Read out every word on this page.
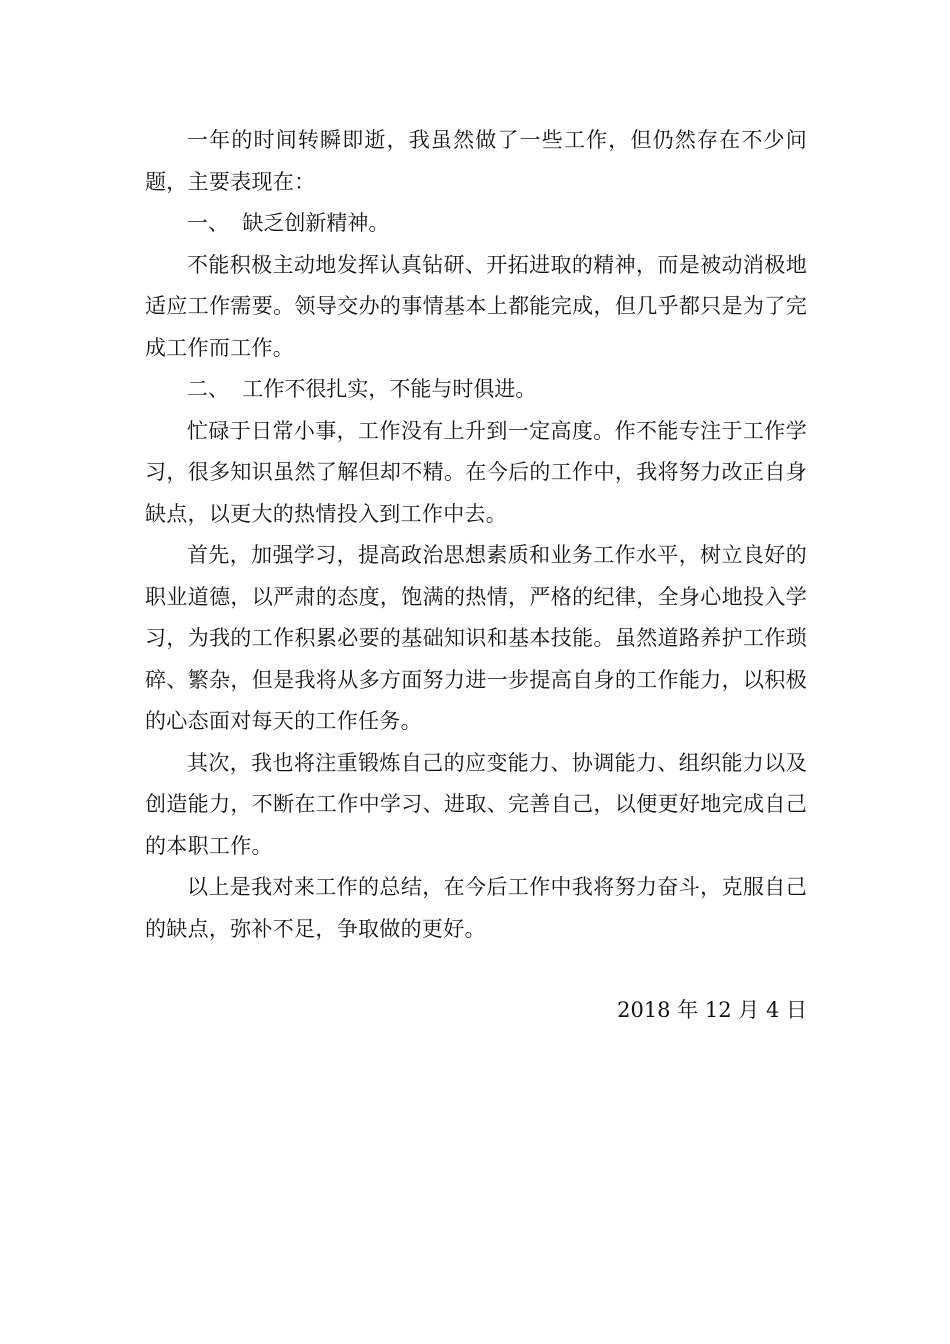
一年的时间转瞬即逝，我虽然做了一些工作，但仍然存在不少问题，主要表现在：

一、  缺乏创新精神。

不能积极主动地发挥认真钻研、开拓进取的精神，而是被动消极地适应工作需要。领导交办的事情基本上都能完成，但几乎都只是为了完成工作而工作。

二、  工作不很扎实，不能与时俱进。

忙碌于日常小事，工作没有上升到一定高度。作不能专注于工作学习，很多知识虽然了解但却不精。在今后的工作中，我将努力改正自身缺点，以更大的热情投入到工作中去。

首先，加强学习，提高政治思想素质和业务工作水平，树立良好的职业道德，以严肃的态度，饱满的热情，严格的纪律，全身心地投入学习，为我的工作积累必要的基础知识和基本技能。虽然道路养护工作琐碎、繁杂，但是我将从多方面努力进一步提高自身的工作能力，以积极的心态面对每天的工作任务。

其次，我也将注重锻炼自己的应变能力、协调能力、组织能力以及创造能力，不断在工作中学习、进取、完善自己，以便更好地完成自己的本职工作。

以上是我对来工作的总结，在今后工作中我将努力奋斗，克服自己的缺点，弥补不足，争取做的更好。

2018 年 12 月 4 日
